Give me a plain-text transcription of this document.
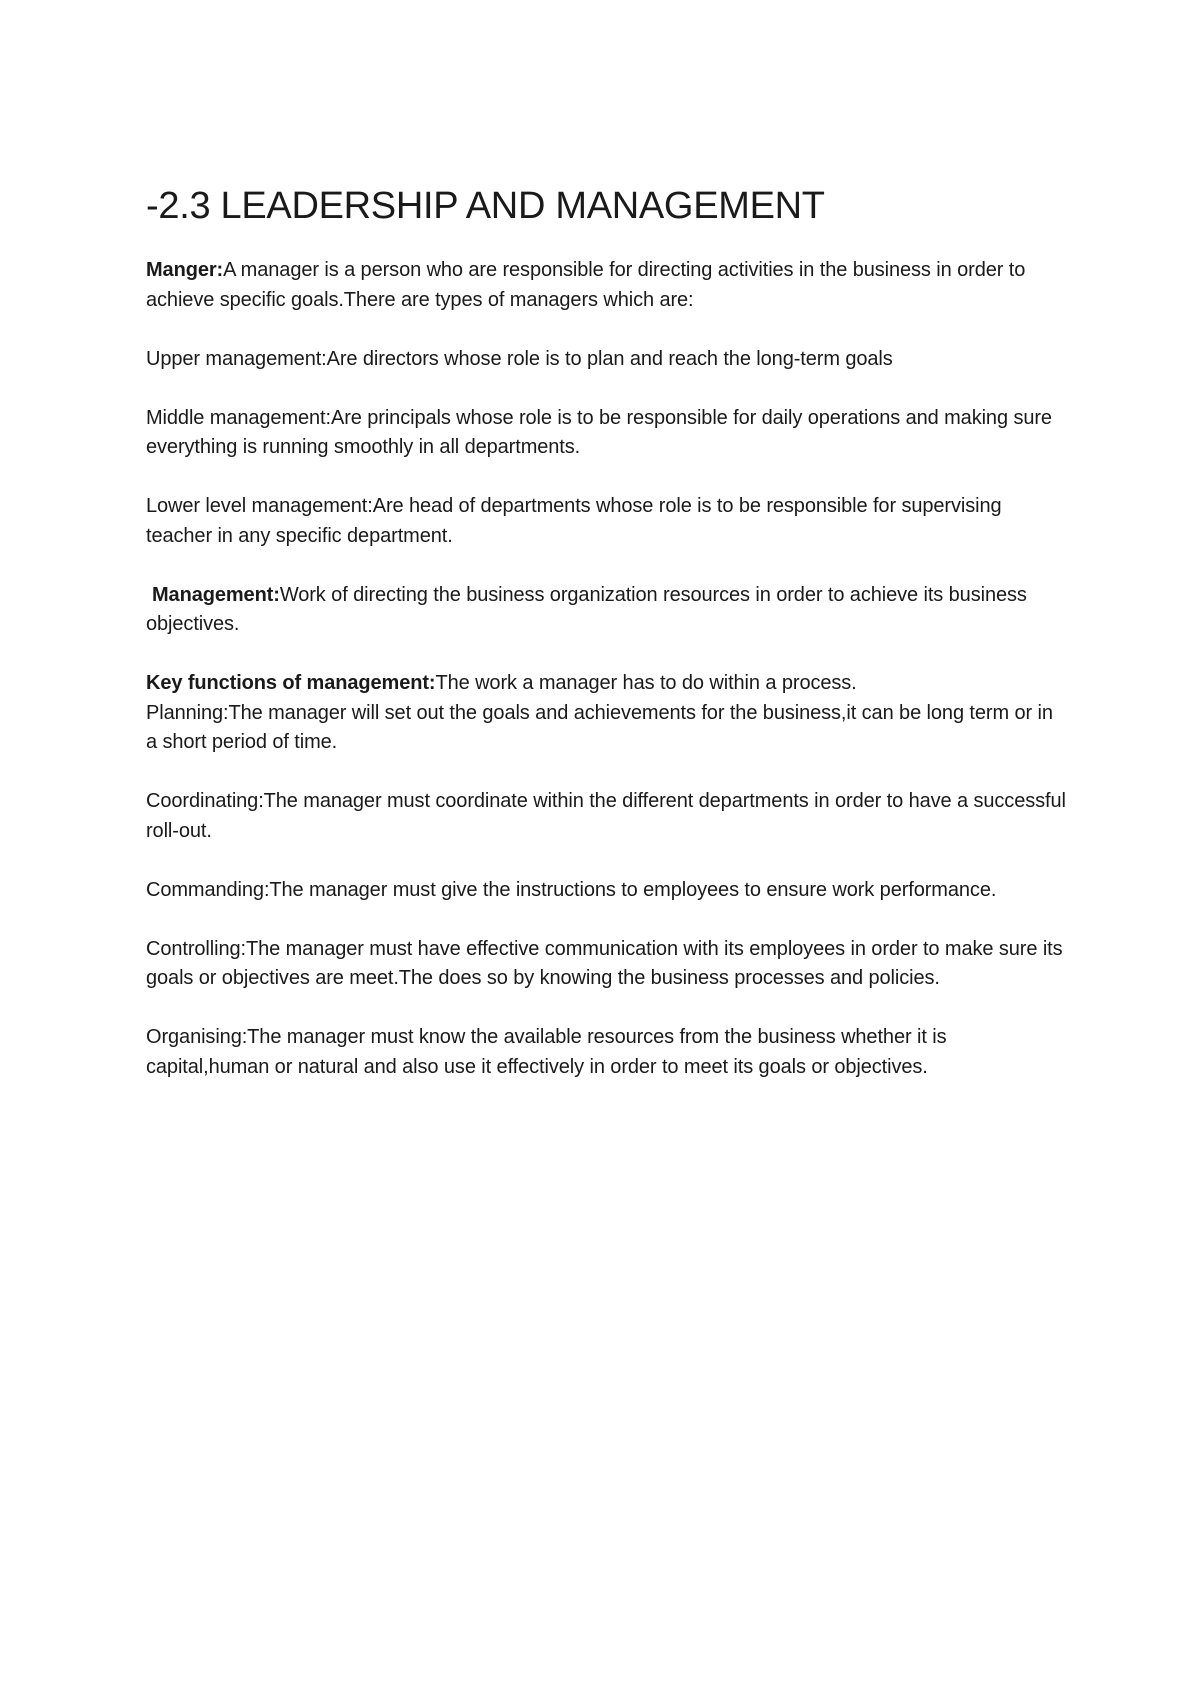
-2.3 LEADERSHIP AND MANAGEMENT

Manger:A manager is a person who are responsible for directing activities in the business in order to achieve specific goals.There are types of managers which are:

Upper management:Are directors whose role is to plan and reach the long-term goals

Middle management:Are principals whose role is to be responsible for daily operations and making sure everything is running smoothly in all departments.

Lower level management:Are head of departments whose role is to be responsible for supervising teacher in any specific department.

Management:Work of directing the business organization resources in order to achieve its business objectives.

Key functions of management:The work a manager has to do within a process.

Planning:The manager will set out the goals and achievements for the business,it can be long term or in a short period of time.

Coordinating:The manager must coordinate within the different departments in order to have a successful roll-out.

Commanding:The manager must give the instructions to employees to ensure work performance.

Controlling:The manager must have effective communication with its employees in order to make sure its goals or objectives are meet.The does so by knowing the business processes and policies.

Organising:The manager must know the available resources from the business whether it is capital,human or natural and also use it effectively in order to meet its goals or objectives.
